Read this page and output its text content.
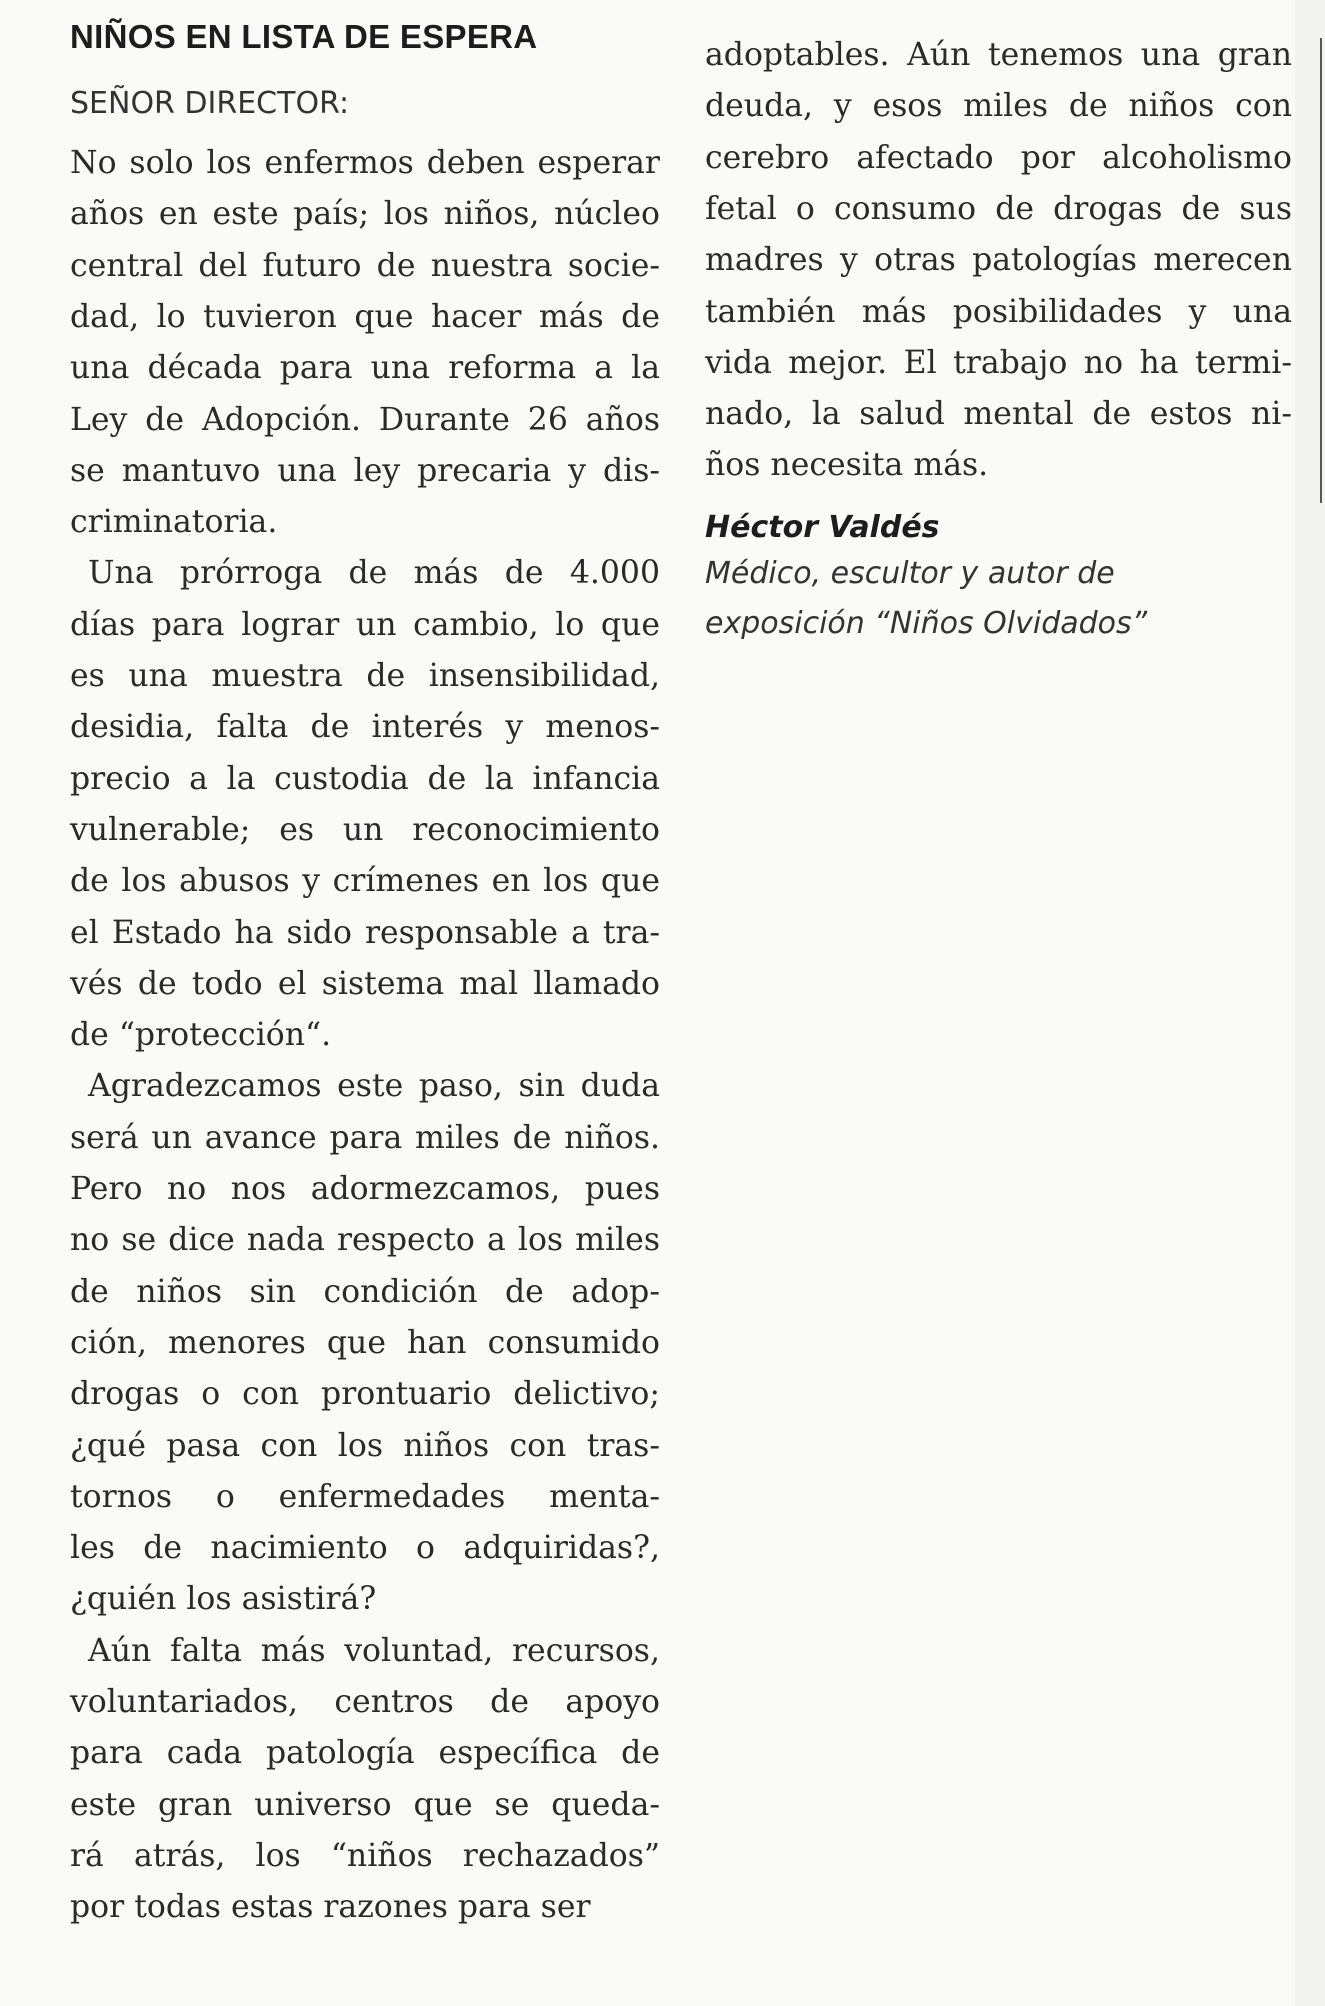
NIÑOS EN LISTA DE ESPERA
SEÑOR DIRECTOR:
No solo los enfermos deben esperar
años en este país; los niños, núcleo
central del futuro de nuestra socie-
dad, lo tuvieron que hacer más de
una década para una reforma a la
Ley de Adopción. Durante 26 años
se mantuvo una ley precaria y dis-
criminatoria.
Una prórroga de más de 4.000
días para lograr un cambio, lo que
es una muestra de insensibilidad,
desidia, falta de interés y menos-
precio a la custodia de la infancia
vulnerable; es un reconocimiento
de los abusos y crímenes en los que
el Estado ha sido responsable a tra-
vés de todo el sistema mal llamado
de “protección“.
Agradezcamos este paso, sin duda
será un avance para miles de niños.
Pero no nos adormezcamos, pues
no se dice nada respecto a los miles
de niños sin condición de adop-
ción, menores que han consumido
drogas o con prontuario delictivo;
¿qué pasa con los niños con tras-
tornos o enfermedades menta-
les de nacimiento o adquiridas?,
¿quién los asistirá?
Aún falta más voluntad, recursos,
voluntariados, centros de apoyo
para cada patología específica de
este gran universo que se queda-
rá atrás, los “niños rechazados”
por todas estas razones para ser
adoptables. Aún tenemos una gran
deuda, y esos miles de niños con
cerebro afectado por alcoholismo
fetal o consumo de drogas de sus
madres y otras patologías merecen
también más posibilidades y una
vida mejor. El trabajo no ha termi-
nado, la salud mental de estos ni-
ños necesita más.
Héctor Valdés
Médico, escultor y autor de
exposición “Niños Olvidados”
